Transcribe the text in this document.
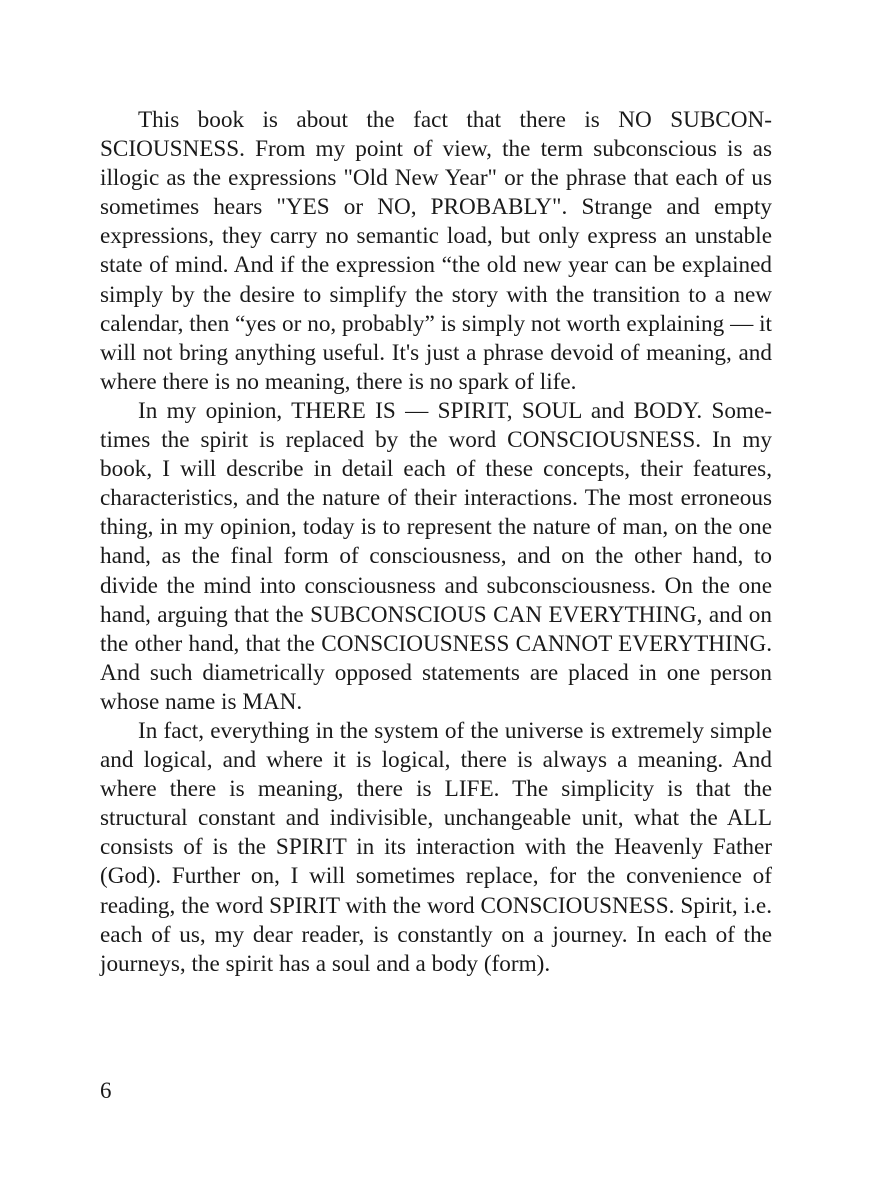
This book is about the fact that there is NO SUBCONSCIOUSNESS. From my point of view, the term subconscious is as illogic as the expressions "Old New Year" or the phrase that each of us sometimes hears "YES or NO, PROBABLY". Strange and empty expressions, they carry no semantic load, but only express an unstable state of mind. And if the expression “the old new year can be explained simply by the desire to simplify the story with the transition to a new calendar, then “yes or no, probably” is simply not worth explaining — it will not bring anything useful. It's just a phrase devoid of meaning, and where there is no meaning, there is no spark of life.

In my opinion, THERE IS — SPIRIT, SOUL and BODY. Sometimes the spirit is replaced by the word CONSCIOUSNESS. In my book, I will describe in detail each of these concepts, their features, characteristics, and the nature of their interactions. The most erroneous thing, in my opinion, today is to represent the nature of man, on the one hand, as the final form of consciousness, and on the other hand, to divide the mind into consciousness and subconsciousness. On the one hand, arguing that the SUBCONSCIOUS CAN EVERYTHING, and on the other hand, that the CONSCIOUSNESS CANNOT EVERYTHING. And such diametrically opposed statements are placed in one person whose name is MAN.

In fact, everything in the system of the universe is extremely simple and logical, and where it is logical, there is always a meaning. And where there is meaning, there is LIFE. The simplicity is that the structural constant and indivisible, unchangeable unit, what the ALL consists of is the SPIRIT in its interaction with the Heavenly Father (God). Further on, I will sometimes replace, for the convenience of reading, the word SPIRIT with the word CONSCIOUSNESS. Spirit, i.e. each of us, my dear reader, is constantly on a journey. In each of the journeys, the spirit has a soul and a body (form).

6
